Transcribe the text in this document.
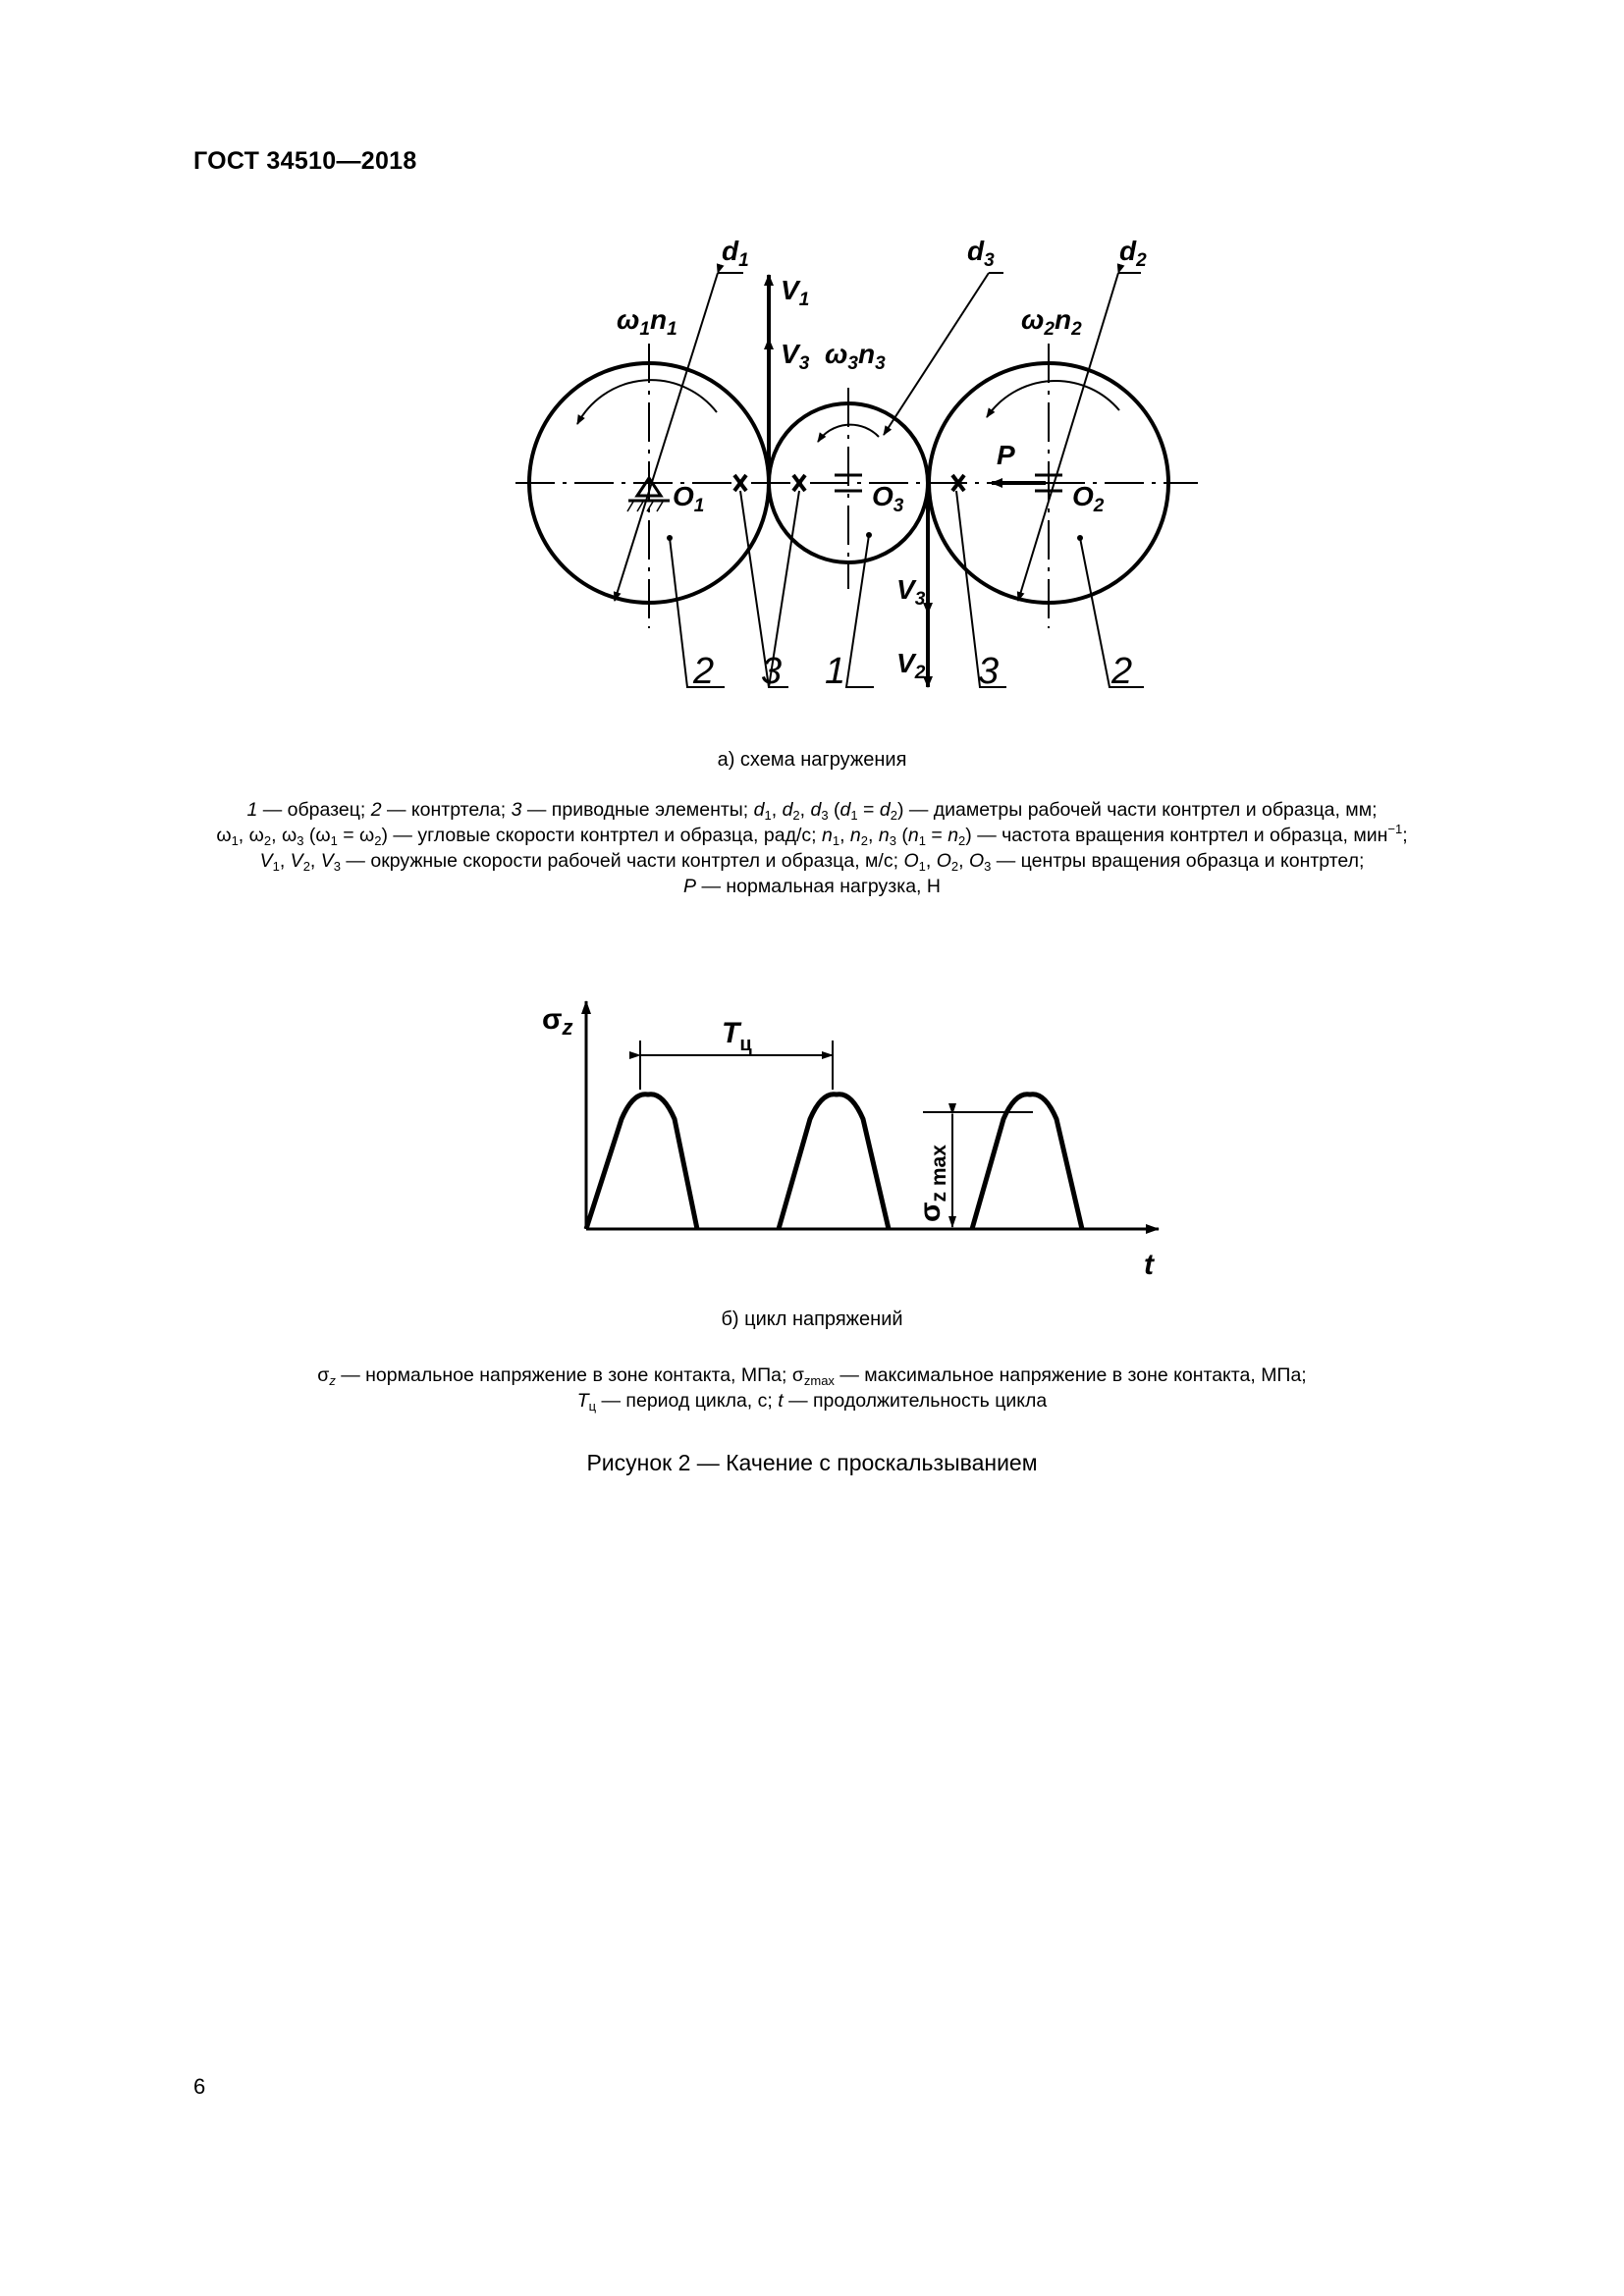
ГОСТ 34510—2018
$d_1$	$d_3$	$d_2$
$V_1$
$V_3$
$V_3$
$V_2$
$\omega_1n_1$
$\omega_3n_3$
$\omega_2n_2$
$O_1$	$O_3$	$O_2$
P
2 3 1	3	2
а) схема нагружения
1 — образец; 2 — контртела; 3 — приводные элементы; $d_1$, $d_2$, $d_3$ $(d_1 = d_2)$ — диаметры рабочей части контртел и образца, мм;
$\omega_1$, $\omega_2$, $\omega_3$ $(\omega_1 = \omega_2)$ — угловые скорости контртел и образца, рад/с; $n_1$, $n_2$, $n_3$ $(n_1 = n_2)$ — частота вращения контртел и образца, мин$^{-1}$;
$V_1$, $V_2$, $V_3$ — окружные скорости рабочей части контртел и образца, м/с; $O_1$, $O_2$, $O_3$ — центры вращения образца и контртел;
P — нормальная нагрузка, Н
$\sigma_z$
t
$T_ц$
$\sigma_{z max}$
б) цикл напряжений
$\sigma_z$ — нормальное напряжение в зоне контакта, МПа; $\sigma_{zmax}$ — максимальное напряжение в зоне контакта, МПа;
$T_ц$ — период цикла, с; t — продолжительность цикла
Рисунок 2 — Качение с проскальзыванием
6
